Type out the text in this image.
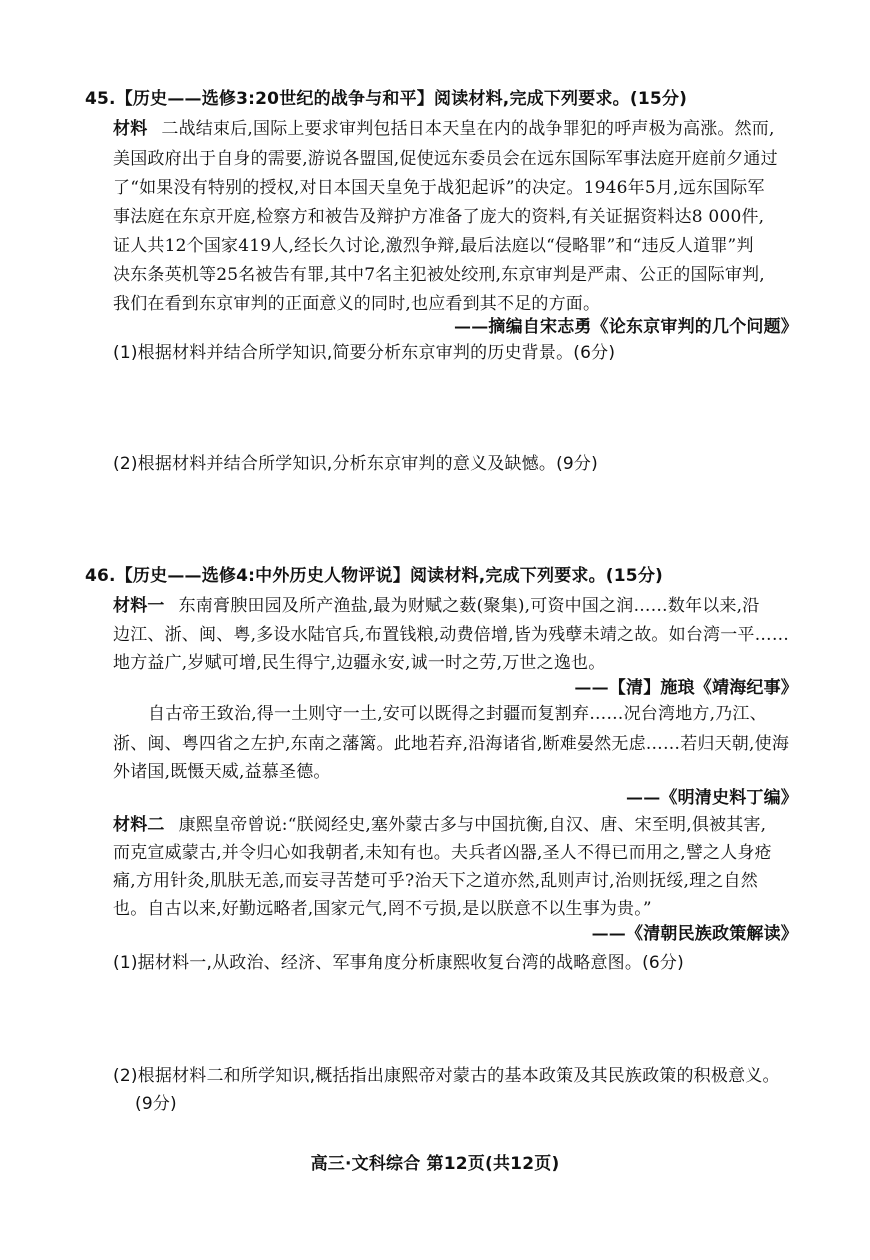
45.【历史——选修3:20世纪的战争与和平】阅读材料,完成下列要求。(15分)
材料 二战结束后,国际上要求审判包括日本天皇在内的战争罪犯的呼声极为高涨。然而,
美国政府出于自身的需要,游说各盟国,促使远东委员会在远东国际军事法庭开庭前夕通过
了“如果没有特别的授权,对日本国天皇免于战犯起诉”的决定。1946年5月,远东国际军
事法庭在东京开庭,检察方和被告及辩护方准备了庞大的资料,有关证据资料达8 000件,
证人共12个国家419人,经长久讨论,激烈争辩,最后法庭以“侵略罪”和“违反人道罪”判
决东条英机等25名被告有罪,其中7名主犯被处绞刑,东京审判是严肃、公正的国际审判,
我们在看到东京审判的正面意义的同时,也应看到其不足的方面。
——摘编自宋志勇《论东京审判的几个问题》
(1)根据材料并结合所学知识,简要分析东京审判的历史背景。(6分)
(2)根据材料并结合所学知识,分析东京审判的意义及缺憾。(9分)
46.【历史——选修4:中外历史人物评说】阅读材料,完成下列要求。(15分)
材料一 东南膏腴田园及所产渔盐,最为财赋之薮(聚集),可资中国之润……数年以来,沿
边江、浙、闽、粤,多设水陆官兵,布置钱粮,动费倍增,皆为残孽未靖之故。如台湾一平……
地方益广,岁赋可增,民生得宁,边疆永安,诚一时之劳,万世之逸也。
——【清】施琅《靖海纪事》
自古帝王致治,得一土则守一土,安可以既得之封疆而复割弃……况台湾地方,乃江、
浙、闽、粤四省之左护,东南之藩篱。此地若弃,沿海诸省,断难晏然无虑……若归天朝,使海
外诸国,既慑天威,益慕圣德。
——《明清史料丁编》
材料二 康熙皇帝曾说:“朕阅经史,塞外蒙古多与中国抗衡,自汉、唐、宋至明,俱被其害,
而克宣威蒙古,并令归心如我朝者,未知有也。夫兵者凶器,圣人不得已而用之,譬之人身疮
痛,方用针灸,肌肤无恙,而妄寻苦楚可乎?治天下之道亦然,乱则声讨,治则抚绥,理之自然
也。自古以来,好勤远略者,国家元气,罔不亏损,是以朕意不以生事为贵。”
——《清朝民族政策解读》
(1)据材料一,从政治、经济、军事角度分析康熙收复台湾的战略意图。(6分)
(2)根据材料二和所学知识,概括指出康熙帝对蒙古的基本政策及其民族政策的积极意义。
(9分)
高三·文科综合 第12页(共12页)
